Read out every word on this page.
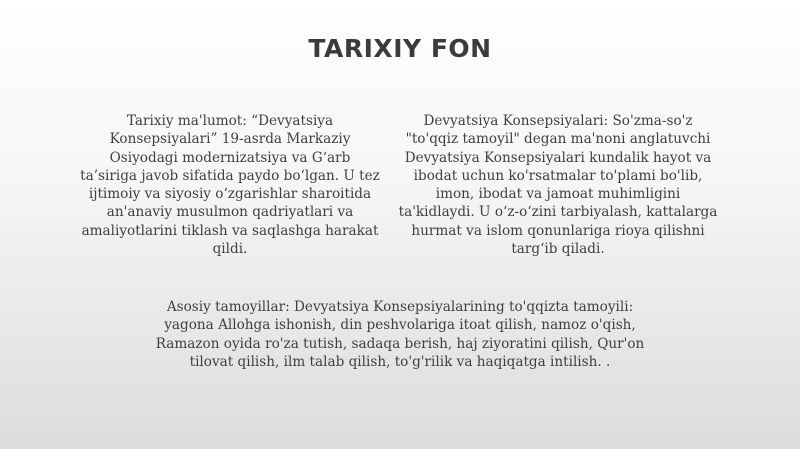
TARIXIY FON
Tarixiy ma'lumot: “Devyatsiya Konsepsiyalari” 19-asrda Markaziy Osiyodagi modernizatsiya va G‘arb ta’siriga javob sifatida paydo bo‘lgan. U tez ijtimoiy va siyosiy o‘zgarishlar sharoitida an'anaviy musulmon qadriyatlari va amaliyotlarini tiklash va saqlashga harakat qildi.
Devyatsiya Konsepsiyalari: So'zma-so'z "to'qqiz tamoyil" degan ma'noni anglatuvchi Devyatsiya Konsepsiyalari kundalik hayot va ibodat uchun ko'rsatmalar to'plami bo'lib, imon, ibodat va jamoat muhimligini ta'kidlaydi. U o‘z-o‘zini tarbiyalash, kattalarga hurmat va islom qonunlariga rioya qilishni targ‘ib qiladi.
Asosiy tamoyillar: Devyatsiya Konsepsiyalarining to'qqizta tamoyili: yagona Allohga ishonish, din peshvolariga itoat qilish, namoz o'qish, Ramazon oyida ro'za tutish, sadaqa berish, haj ziyoratini qilish, Qur'on tilovat qilish, ilm talab qilish, to'g'rilik va haqiqatga intilish. .
